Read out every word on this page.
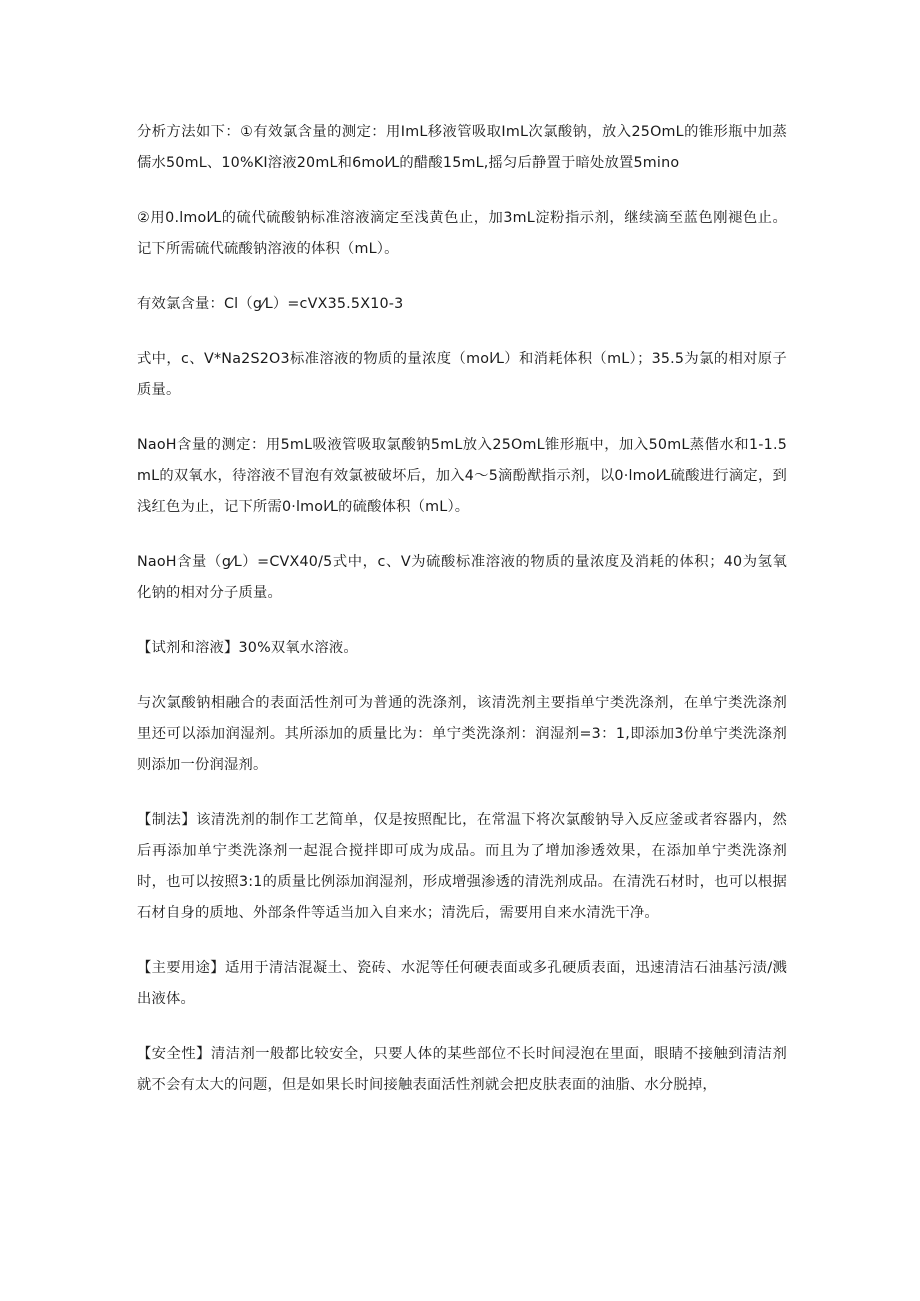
分析方法如下：①有效氯含量的测定：用ImL移液管吸取ImL次氯酸钠，放入25OmL的锥形瓶中加蒸儒水50mL、10%KI溶液20mL和6mol⁄L的醋酸15mL,摇匀后静置于暗处放置5mino

②用0.lmol⁄L的硫代硫酸钠标准溶液滴定至浅黄色止，加3mL淀粉指示剂，继续滴至蓝色刚褪色止。记下所需硫代硫酸钠溶液的体积（mL）。

有效氯含量：Cl（g⁄L）=cVX35.5X10-3

式中，c、V*Na2S2O3标准溶液的物质的量浓度（mol⁄L）和消耗体积（mL）；35.5为氯的相对原子质量。

NaoH含量的测定：用5mL吸液管吸取氯酸钠5mL放入25OmL锥形瓶中，加入50mL蒸偕水和1-1.5mL的双氧水，待溶液不冒泡有效氯被破坏后，加入4～5滴酚猷指示剂，以0·lmol⁄L硫酸进行滴定，到浅红色为止，记下所需0·lmol⁄L的硫酸体积（mL）。

NaoH含量（g⁄L）=CVX40/5式中，c、V为硫酸标准溶液的物质的量浓度及消耗的体积；40为氢氧化钠的相对分子质量。

【试剂和溶液】30%双氧水溶液。

与次氯酸钠相融合的表面活性剂可为普通的洗涤剂，该清洗剂主要指单宁类洗涤剂，在单宁类洗涤剂里还可以添加润湿剂。其所添加的质量比为：单宁类洗涤剂：润湿剂=3：1,即添加3份单宁类洗涤剂则添加一份润湿剂。

【制法】该清洗剂的制作工艺简单，仅是按照配比，在常温下将次氯酸钠导入反应釜或者容器内，然后再添加单宁类洗涤剂一起混合搅拌即可成为成品。而且为了增加渗透效果，在添加单宁类洗涤剂时，也可以按照3:1的质量比例添加润湿剂，形成增强渗透的清洗剂成品。在清洗石材时，也可以根据石材自身的质地、外部条件等适当加入自来水；清洗后，需要用自来水清洗干净。

【主要用途】适用于清洁混凝土、瓷砖、水泥等任何硬表面或多孔硬质表面，迅速清洁石油基污渍/溅出液体。

【安全性】清洁剂一般都比较安全，只要人体的某些部位不长时间浸泡在里面，眼睛不接触到清洁剂就不会有太大的问题，但是如果长时间接触表面活性剂就会把皮肤表面的油脂、水分脱掉，
